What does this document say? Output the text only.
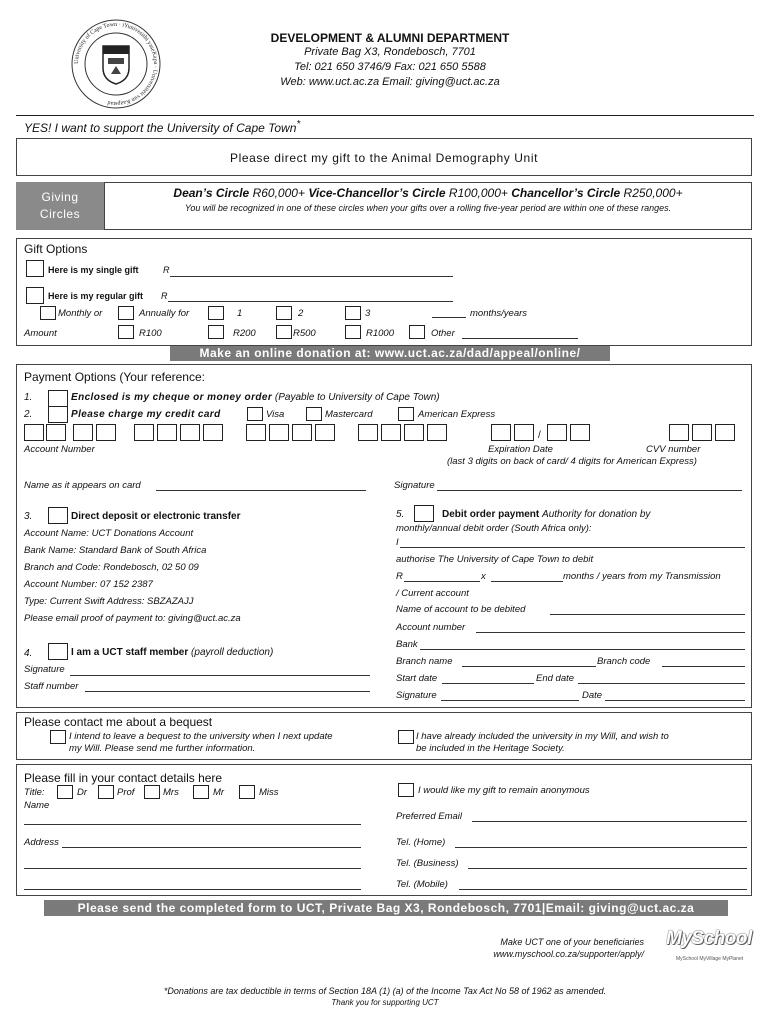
University of Cape Town · iYunivesithi yaseKapa · Universiteit van Kaapstad
DEVELOPMENT & ALUMNI DEPARTMENT
Private Bag X3, Rondebosch, 7701
Tel: 021 650 3746/9 Fax: 021 650 5588
Web: www.uct.ac.za Email: giving@uct.ac.za
YES! I want to support the University of Cape Town*
Please direct my gift to the Animal Demography Unit
Giving
Circles
Dean’s Circle R60,000+ Vice-Chancellor’s Circle R100,000+ Chancellor’s Circle R250,000+
You will be recognized in one of these circles when your gifts over a rolling five-year period are within one of these ranges.
Gift Options
Here is my single gift	R
Here is my regular gift R
Monthly or	Annually for	1	2	3	months/years
Amount	R100	R200	R500	R1000	Other
Make an online donation at: www.uct.ac.za/dad/appeal/online/
Payment Options (Your reference:
1.	Enclosed is my cheque or money order (Payable to University of Cape Town)
2.	Please charge my credit card	Visa	Mastercard	American Express
/
Account Number	Expiration Date	CVV number
(last 3 digits on back of card/ 4 digits for American Express)
Name as it appears on card	Signature
3.	Direct deposit or electronic transfer
Account Name: UCT Donations Account
Bank Name: Standard Bank of South Africa
Branch and Code: Rondebosch, 02 50 09
Account Number: 07 152 2387
Type: Current Swift Address: SBZAZAJJ
Please email proof of payment to: giving@uct.ac.za
4.	I am a UCT staff member (payroll deduction)
Signature
Staff number
5.	Debit order payment Authority for donation by
monthly/annual debit order (South Africa only):
I
authorise The University of Cape Town to debit
R	x	months / years from my Transmission
/ Current account
Name of account to be debited
Account number
Bank
Branch name	Branch code
Start date	End date
Signature	Date
Please contact me about a bequest
I intend to leave a bequest to the university when I next update
my Will. Please send me further information.
I have already included the university in my Will, and wish to
be included in the Heritage Society.
Please fill in your contact details here
Title:	Dr	Prof	Mrs	Mr	Miss
Name
Address
I would like my gift to remain anonymous
Preferred Email
Tel. (Home)
Tel. (Business)
Tel. (Mobile)
Please send the completed form to UCT, Private Bag X3, Rondebosch, 7701|Email: giving@uct.ac.za
Make UCT one of your beneficiaries
www.myschool.co.za/supporter/apply/
MySchool
MySchool MyVillage MyPlanet
*Donations are tax deductible in terms of Section 18A (1) (a) of the Income Tax Act No 58 of 1962 as amended.
Thank you for supporting UCT
